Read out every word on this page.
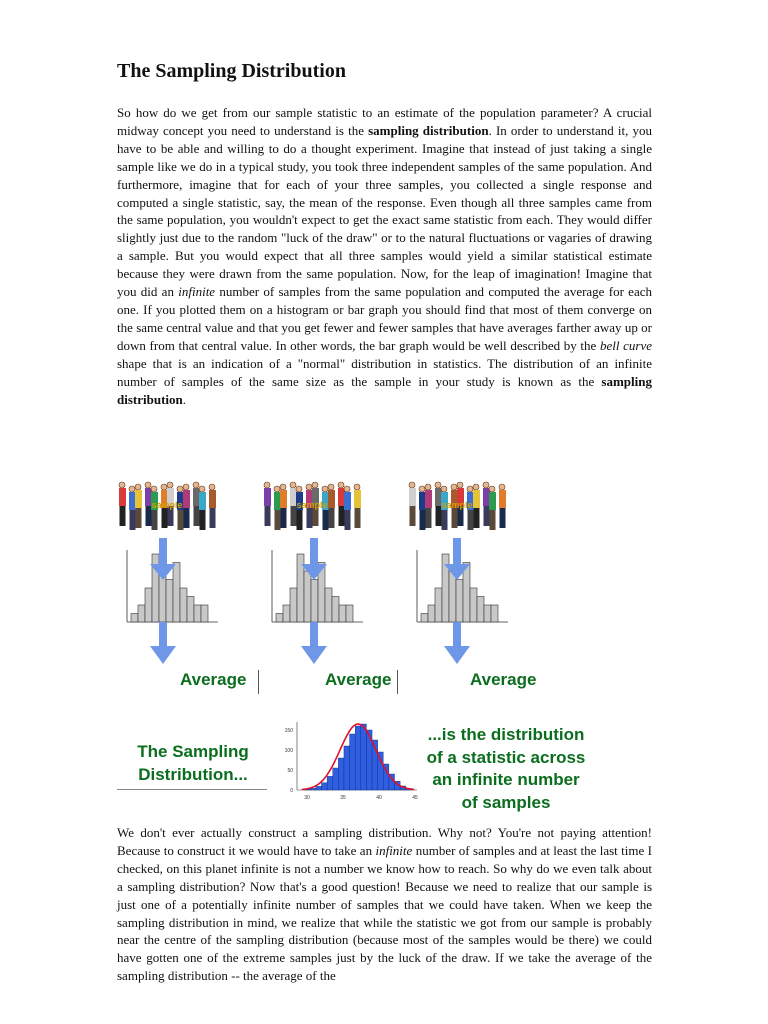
The Sampling Distribution

So how do we get from our sample statistic to an estimate of the population parameter? A crucial midway concept you need to understand is the sampling distribution. In order to understand it, you have to be able and willing to do a thought experiment. Imagine that instead of just taking a single sample like we do in a typical study, you took three independent samples of the same population. And furthermore, imagine that for each of your three samples, you collected a single response and computed a single statistic, say, the mean of the response. Even though all three samples came from the same population, you wouldn't expect to get the exact same statistic from each. They would differ slightly just due to the random "luck of the draw" or to the natural fluctuations or vagaries of drawing a sample. But you would expect that all three samples would yield a similar statistical estimate because they were drawn from the same population. Now, for the leap of imagination! Imagine that you did an infinite number of samples from the same population and computed the average for each one. If you plotted them on a histogram or bar graph you should find that most of them converge on the same central value and that you get fewer and fewer samples that have averages farther away up or down from that central value. In other words, the bar graph would be well described by the bell curve shape that is an indication of a "normal" distribution in statistics. The distribution of an infinite number of samples of the same size as the sample in your study is known as the sampling distribution.

sample	sample	sample
Average	Average	Average
The Sampling
Distribution...
150
100
50
0
30	35	40	45
...is the distribution
of a statistic across
an infinite number
of samples

We don't ever actually construct a sampling distribution. Why not? You're not paying attention! Because to construct it we would have to take an infinite number of samples and at least the last time I checked, on this planet infinite is not a number we know how to reach. So why do we even talk about a sampling distribution? Now that's a good question! Because we need to realize that our sample is just one of a potentially infinite number of samples that we could have taken. When we keep the sampling distribution in mind, we realize that while the statistic we got from our sample is probably near the centre of the sampling distribution (because most of the samples would be there) we could have gotten one of the extreme samples just by the luck of the draw. If we take the average of the sampling distribution -- the average of the
